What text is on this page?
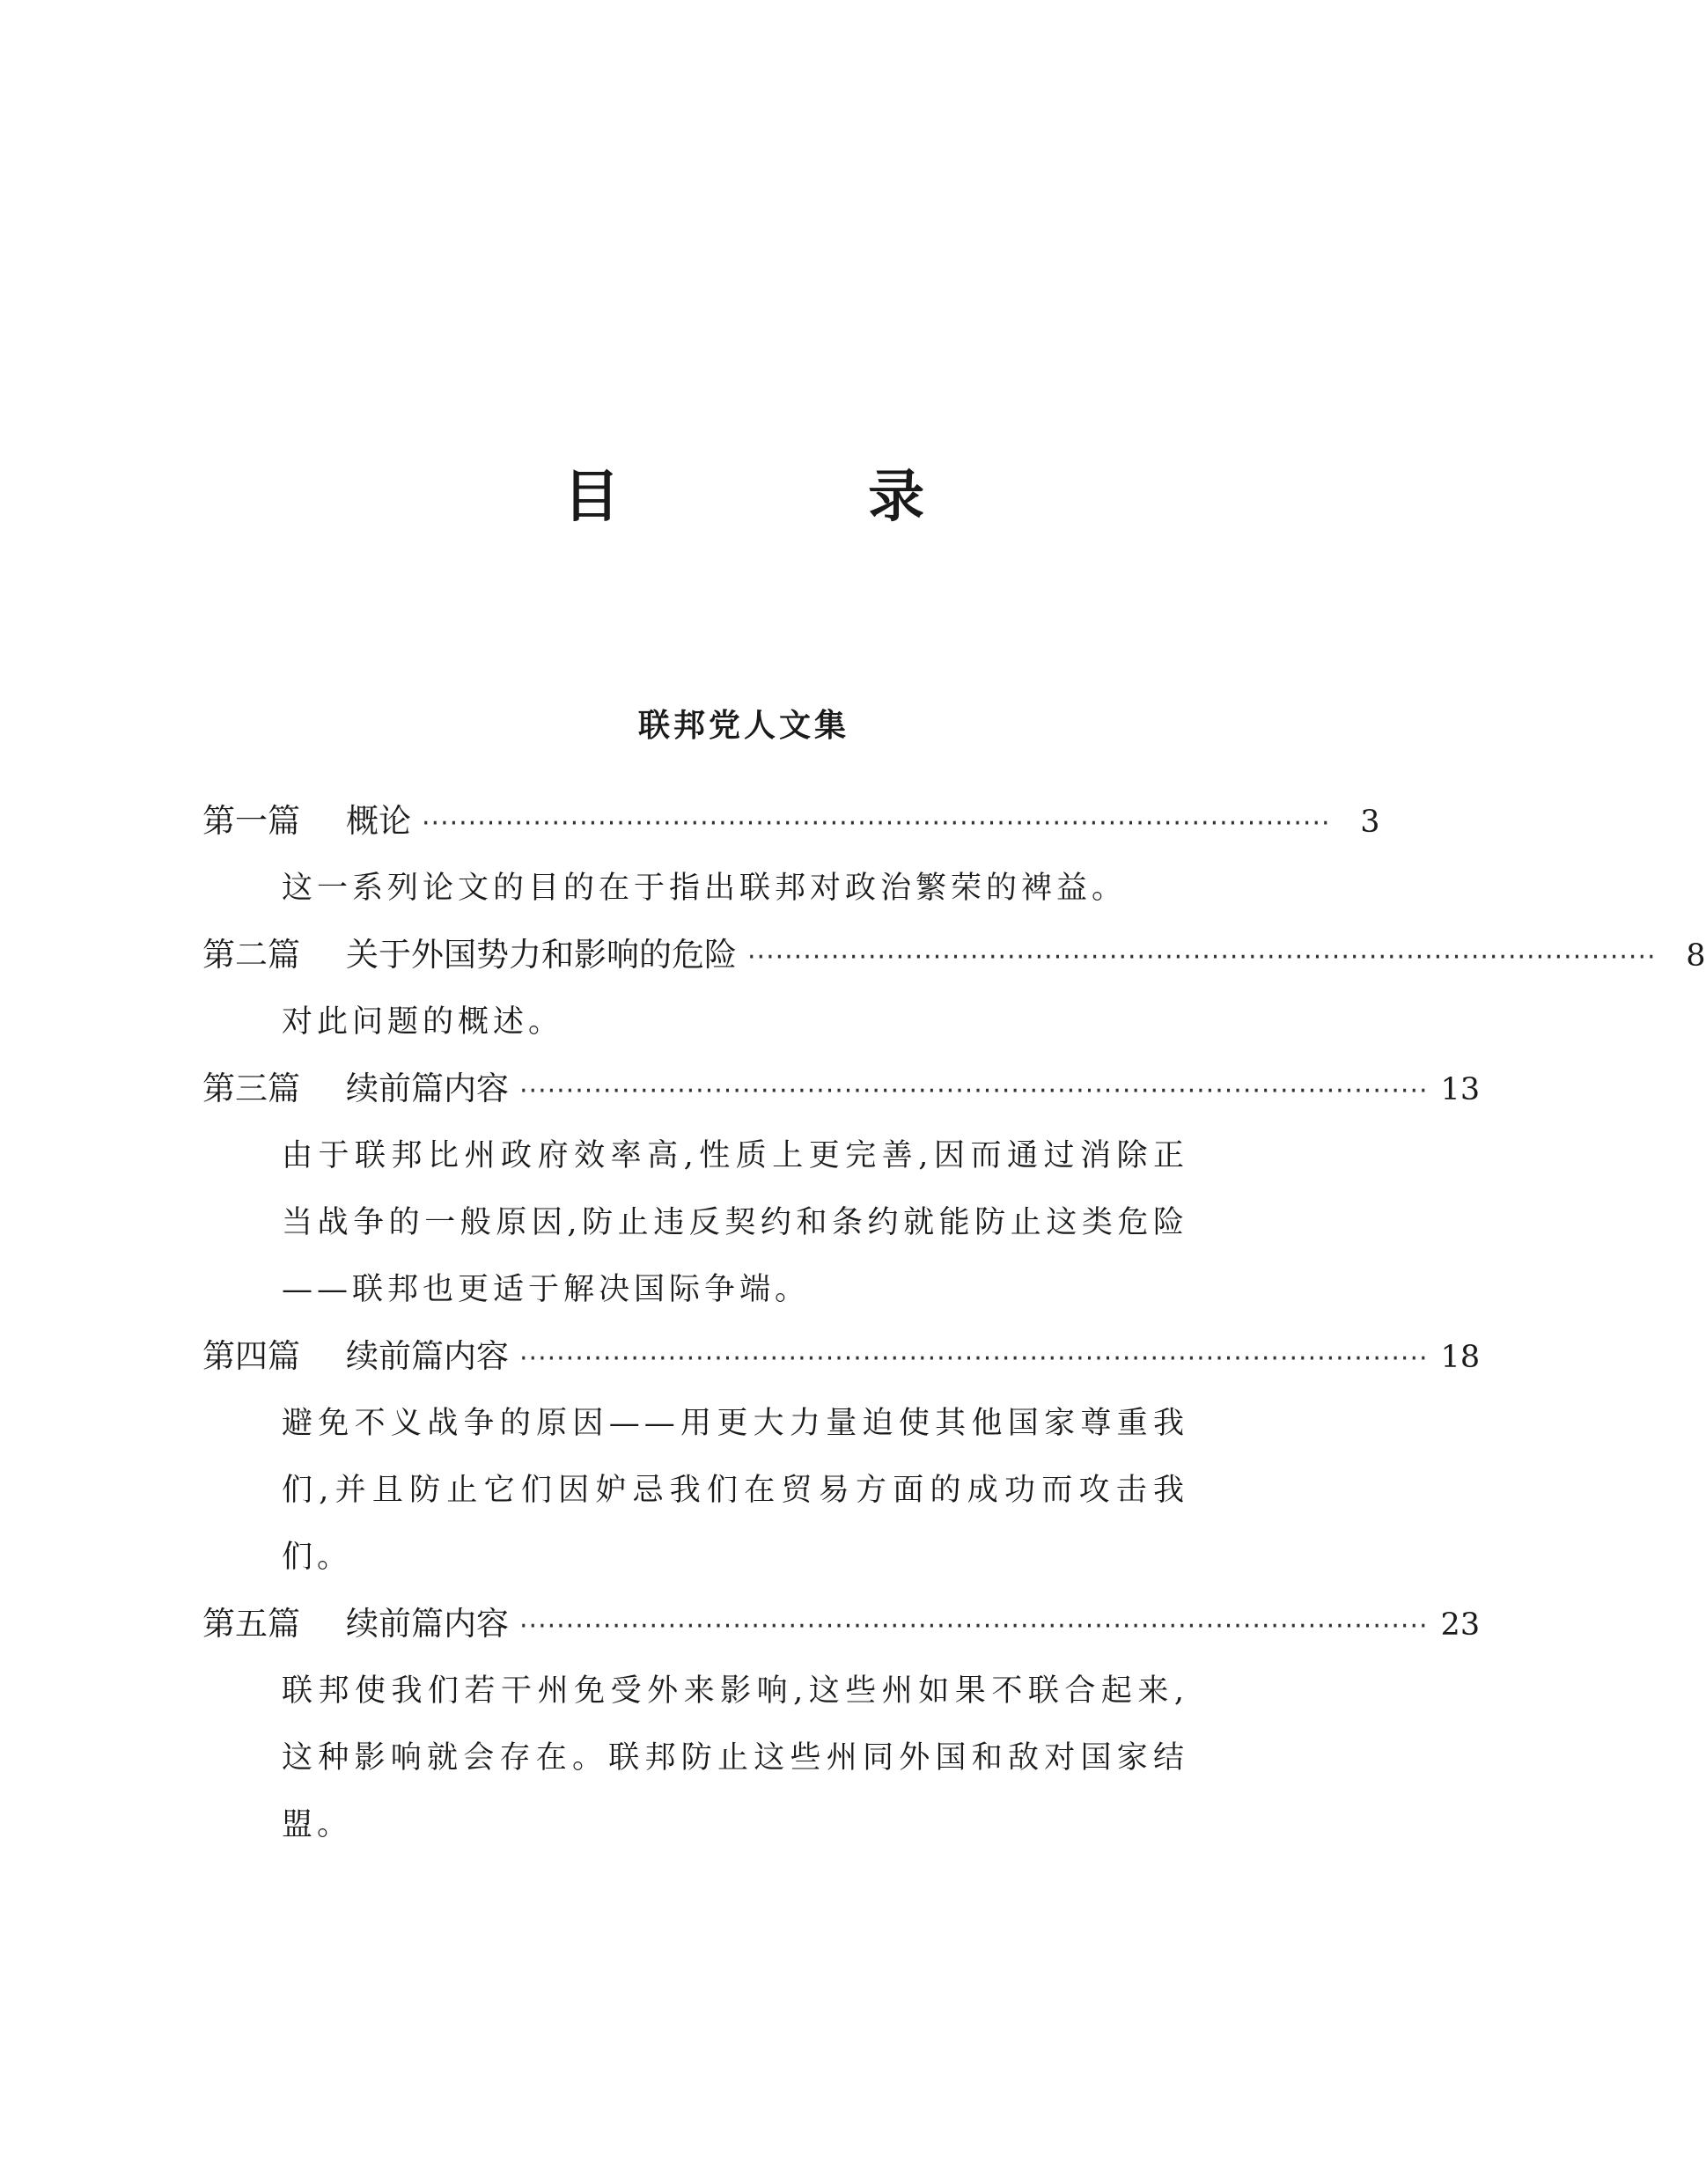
目 录
联邦党人文集
第一篇 概论 ·································································································· 3
这一系列论文的目的在于指出联邦对政治繁荣的裨益。
第二篇 关于外国势力和影响的危险 ·································································································· 8
对此问题的概述。
第三篇 续前篇内容 ·································································································· 13
由于联邦比州政府效率高,性质上更完善,因而通过消除正当战争的一般原因,防止违反契约和条约就能防止这类危险——联邦也更适于解决国际争端。
第四篇 续前篇内容 ·································································································· 18
避免不义战争的原因——用更大力量迫使其他国家尊重我们,并且防止它们因妒忌我们在贸易方面的成功而攻击我们。
第五篇 续前篇内容 ·································································································· 23
联邦使我们若干州免受外来影响,这些州如果不联合起来,这种影响就会存在。联邦防止这些州同外国和敌对国家结盟。
